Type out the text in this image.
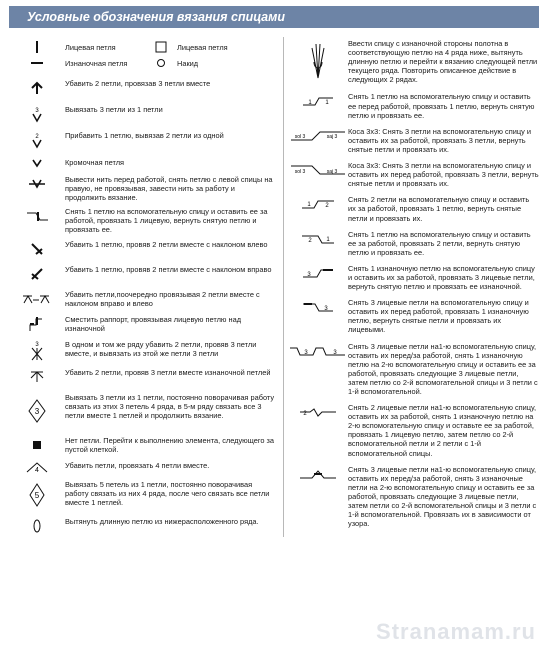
Условные обозначения вязания спицами
Лицевая петля	Лицевая петля
Изнаночная петля	Накид
Убавить 2 петли, провязав 3 петли вместе
3	Вывязать 3 петли из 1 петли
2	Прибавить 1 петлю, вывязав 2 петли из одной
Кромочная петля
Вывести нить перед работой, снять петлю с левой спицы на правую, не провязывая, завести нить за работу и продолжить вязание.
Снять 1 петлю на вспомогательную спицу и оставить ее за работой, провязать 1 лицевую, вернуть снятую петлю и провязать ее.
Убавить 1 петлю, провяв 2 петли вместе с наклоном влево
Убавить 1 петлю, провяв 2 петли вместе с наклоном вправо
Убавить петли,поочередно провязывая 2 петли вместе с наклоном вправо и влево
Сместить раппорт, провязывая лицевую петлю над изнаночной
3	В одном и том же ряду убавить 2 петли, провяв 3 петли вместе, и вывязать из этой же петли 3 петли
Убавить 2 петли, провяв 3 петли вместе изнаночной петлей
3
Вывязать 3 петли из 1 петли, постоянно поворачивая работу связать из этих 3 петель 4 ряда, в 5-м ряду связать все 3 петли вместе 1 петлей и продолжить вязание.
Нет петли. Перейти к выполнению элемента, следующего за пустой клеткой.
4
Убавить петли, провязать 4 петли вместе.
5
Вывязать 5 петель из 1 петли, постоянно поворачивая работу связать из них 4 ряда, после чего связать все петли вместе 1 петлей.
Вытянуть длинную петлю из нижерасположенного ряда.
Ввести спицу с изнаночной стороны полотна в соответствующую петлю на 4 ряда ниже, вытянуть длинную петлю и перейти к вязанию следующей петли текущего ряда. Повторить описанное действие в следующих 2 рядах.
1 1
Снять 1 петлю на вспомогательную спицу и оставить ее перед работой, провязать 1 петлю, вернуть снятую петлю и провязать ее.
sol 3	saj 3
Коса 3x3: Снять 3 петли на вспомогательную спицу и оставить их за работой, провязать 3 петли, вернуть снятые петли и провязать их.
sol 3	saj 3
Коса 3x3: Снять 3 петли на вспомогательную спицу и оставить их перед работой, провязать 3 петли, вернуть снятые петли и провязать их.
1 2
Снять 2 петли на вспомогательную спицу и оставить их за работой, провязать 1 петлю, вернуть снятые петли и провязать их.
2 1
Снять 1 петлю на вспомогательную спицу и оставить ее за работой, провязать 2 петли, вернуть снятую петлю и провязать ее.
3
Снять 1 изнаночную петлю на вспомогательную спицу и оставить их за работой, провязать 3 лицевые петли, вернуть снятую петлю и провязать ее изнаночной.
3
Снять 3 лицевые петли на вспомогательную спицу и оставить их перед работой, провязать 1 изнаночную петлю, вернуть снятые петли и провязать их лицевыми.
3	3
Снять 3 лицевые петли на1-ю вспомогательную спицу, оставить их перед/за работой, снять 1 изнаночную петлю на 2-ю вспомогательную спицу и оставить ее за работой, провязать следующие 3 лицевые петли, затем петлю со 2-й вспомогательной спицы и 3 петли с 1-й вспомогательной.
2
Снять 2 лицевые петли на1-ю вспомогательную спицу, оставить их за работой, снять 1 изнаночную петлю на 2-ю вспомогательную спицу и оставьте ее за работой, провязать 1 лицевую петлю, затем петлю со 2-й вспомогательной петли и 2 петли с 1-й вспомогательной спицы.
Снять 3 лицевые петли на1-ю вспомогательную спицу, оставить их перед/за работой, снять 3 изнаночные петли на 2-ю вспомогательную спицу и оставить ее за работой, провязать следующие 3 лицевые петли, затем петли со 2-й вспомогательной спицы и 3 петли с 1-й вспомогательной. Провязать их в зависимости от узора.
Stranamam.ru
